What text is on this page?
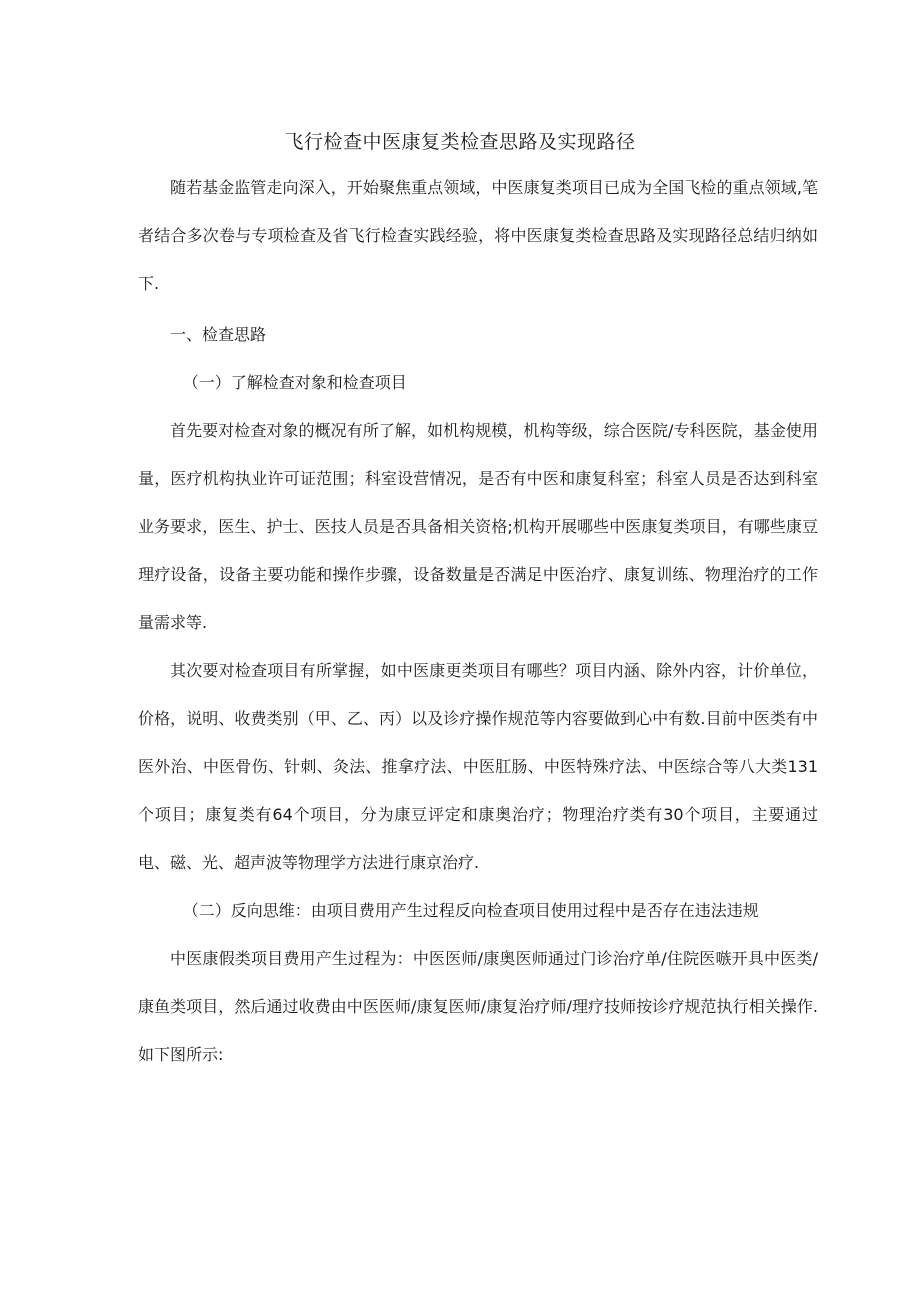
飞行检查中医康复类检查思路及实现路径

随若基金监管走向深入，开始聚焦重点领域，中医康复类项目已成为全国飞检的重点领域,笔者结合多次卷与专项检查及省飞行检查实践经验，将中医康复类检查思路及实现路径总结归纳如下.

一、检查思路

（一）了解检查对象和检查项目

首先要对检查对象的概况有所了解，如机构规模，机构等级，综合医院/专科医院，基金使用量，医疗机构执业许可证范围；科室设营情况，是否有中医和康复科室；科室人员是否达到科室业务要求，医生、护士、医技人员是否具备相关资格;机构开展哪些中医康复类项目，有哪些康豆理疗设备，设备主要功能和操作步骤，设备数量是否满足中医治疗、康复训练、物理治疗的工作量需求等.

其次要对检查项目有所掌握，如中医康更类项目有哪些？项目内涵、除外内容，计价单位，价格，说明、收费类别（甲、乙、丙）以及诊疗操作规范等内容要做到心中有数.目前中医类有中医外治、中医骨伤、针刺、灸法、推拿疗法、中医肛肠、中医特殊疗法、中医综合等八大类131个项目；康复类有64个项目，分为康豆评定和康奥治疗；物理治疗类有30个项目，主要通过电、磁、光、超声波等物理学方法进行康京治疗.

（二）反向思维：由项目费用产生过程反向检查项目使用过程中是否存在违法违规

中医康假类项目费用产生过程为：中医医师/康奥医师通过门诊治疗单/住院医嗾开具中医类/康鱼类项目，然后通过收费由中医医师/康复医师/康复治疗师/理疗技师按诊疗规范执行相关操作.如下图所示:
